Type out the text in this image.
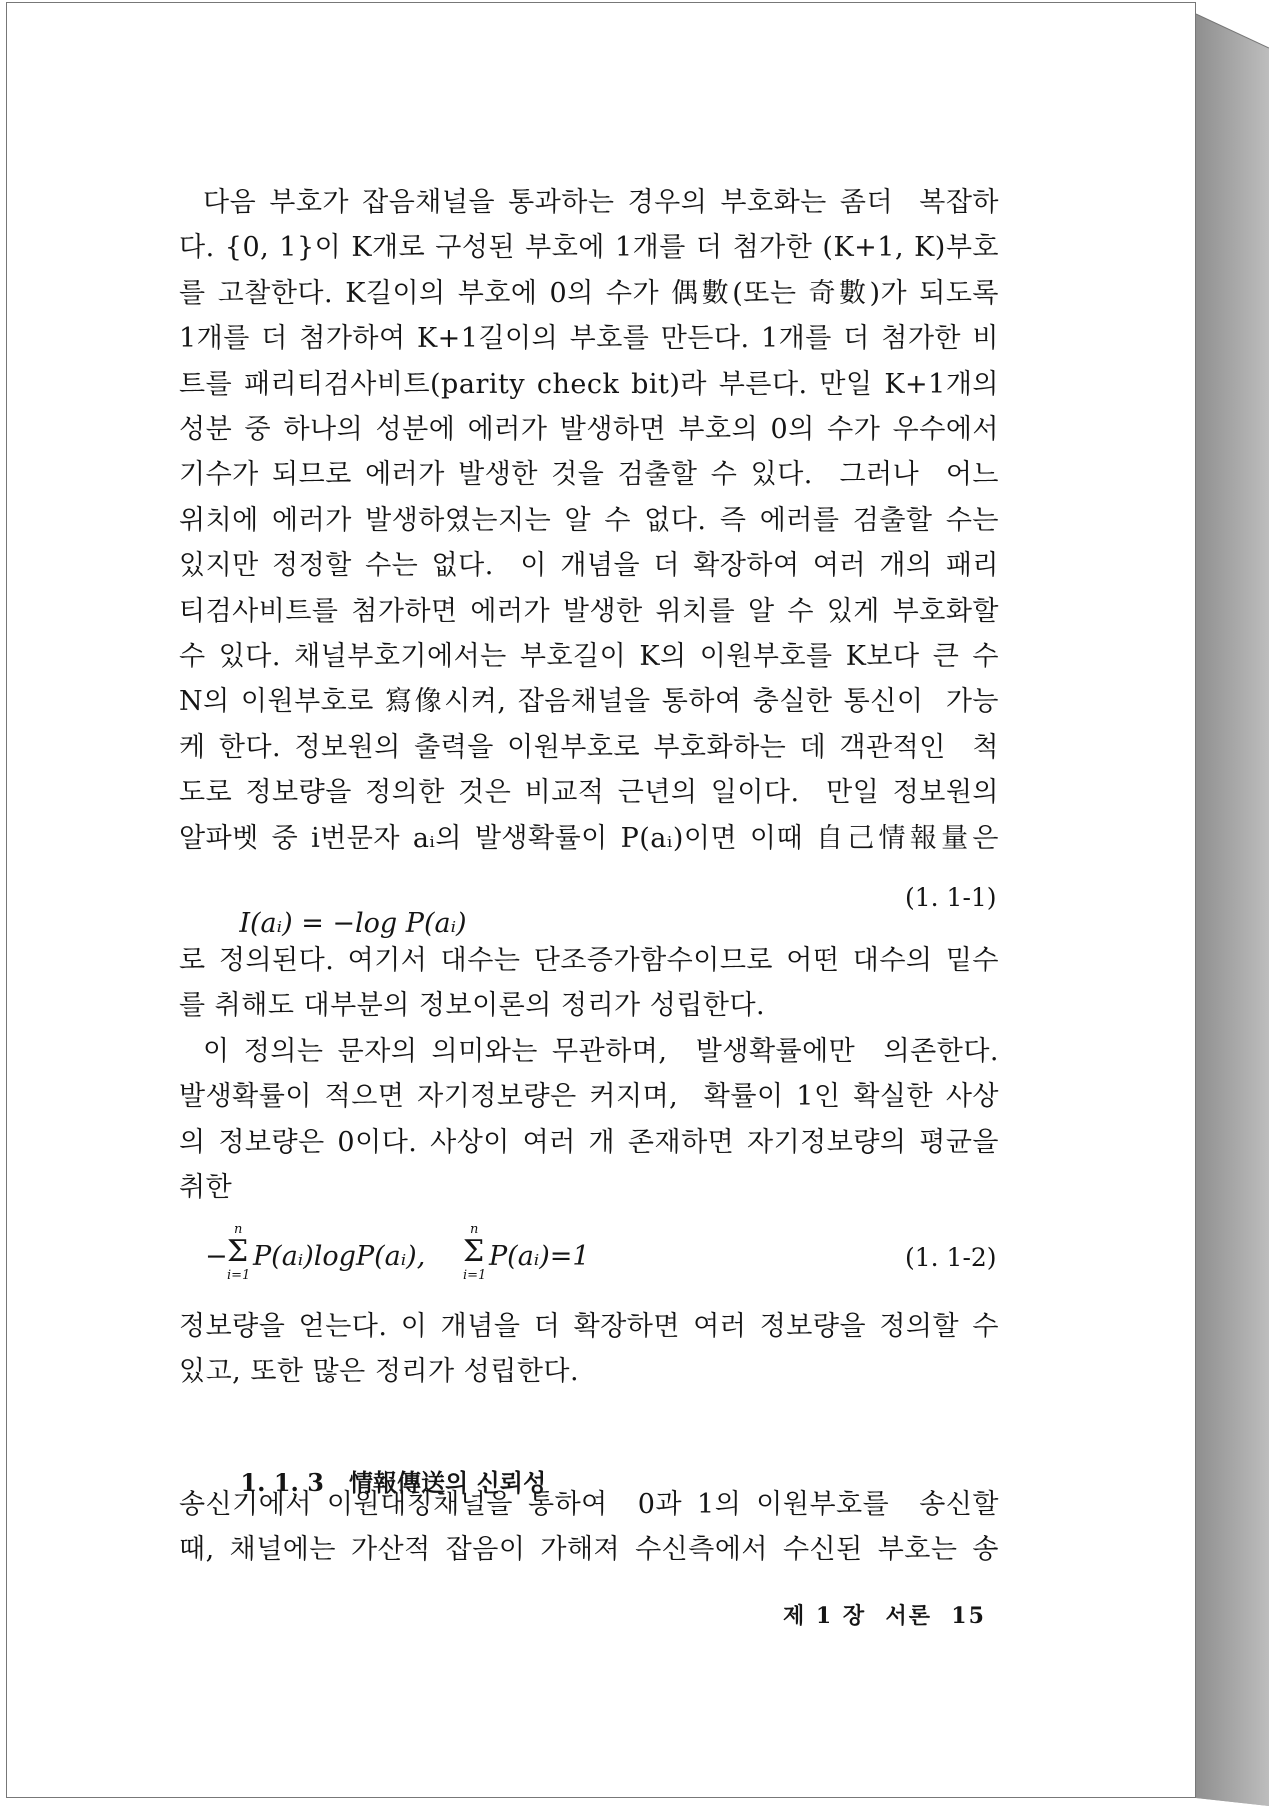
다음 부호가 잡음채널을 통과하는 경우의 부호화는 좀더  복잡하
다. {0, 1}이 K개로 구성된 부호에 1개를 더 첨가한 (K+1, K)부호
를 고찰한다. K길이의 부호에 0의 수가 偶數(또는 奇數)가 되도록
1개를 더 첨가하여 K+1길이의 부호를 만든다. 1개를 더 첨가한 비
트를 패리티검사비트(parity check bit)라 부른다. 만일 K+1개의
성분 중 하나의 성분에 에러가 발생하면 부호의 0의 수가 우수에서
기수가 되므로 에러가 발생한 것을 검출할 수 있다.  그러나  어느
위치에 에러가 발생하였는지는 알 수 없다. 즉 에러를 검출할 수는
있지만 정정할 수는 없다.  이 개념을 더 확장하여 여러 개의 패리
티검사비트를 첨가하면 에러가 발생한 위치를 알 수 있게 부호화할
수 있다. 채널부호기에서는 부호길이 K의 이원부호를 K보다 큰 수
N의 이원부호로 寫像시켜, 잡음채널을 통하여 충실한 통신이  가능
케 한다. 정보원의 출력을 이원부호로 부호화하는 데 객관적인  척
도로 정보량을 정의한 것은 비교적 근년의 일이다.  만일 정보원의
알파벳 중 i번문자 aᵢ의 발생확률이 P(aᵢ)이면 이때 自己情報量은

I(aᵢ) = −log P(aᵢ)

(1. 1-1)
로 정의된다. 여기서 대수는 단조증가함수이므로 어떤 대수의 밑수
를 취해도 대부분의 정보이론의 정리가 성립한다.
이 정의는 문자의 의미와는 무관하며,  발생확률에만  의존한다.
발생확률이 적으면 자기정보량은 커지며,  확률이 1인 확실한 사상
의 정보량은 0이다. 사상이 여러 개 존재하면 자기정보량의 평균을
취한

−

n

Σ

i=1

P(aᵢ)logP(aᵢ),

n

Σ

i=1

P(aᵢ)=1

	(1. 1-2)
정보량을 얻는다. 이 개념을 더 확장하면 여러 정보량을 정의할 수
있고, 또한 많은 정리가 성립한다.

1. 1. 3 情報傳送의 신뢰성

송신기에서 이원대칭채널을 통하여  0과 1의 이원부호를  송신할
때, 채널에는 가산적 잡음이 가해져 수신측에서 수신된 부호는 송
제 1 장  서론  15
